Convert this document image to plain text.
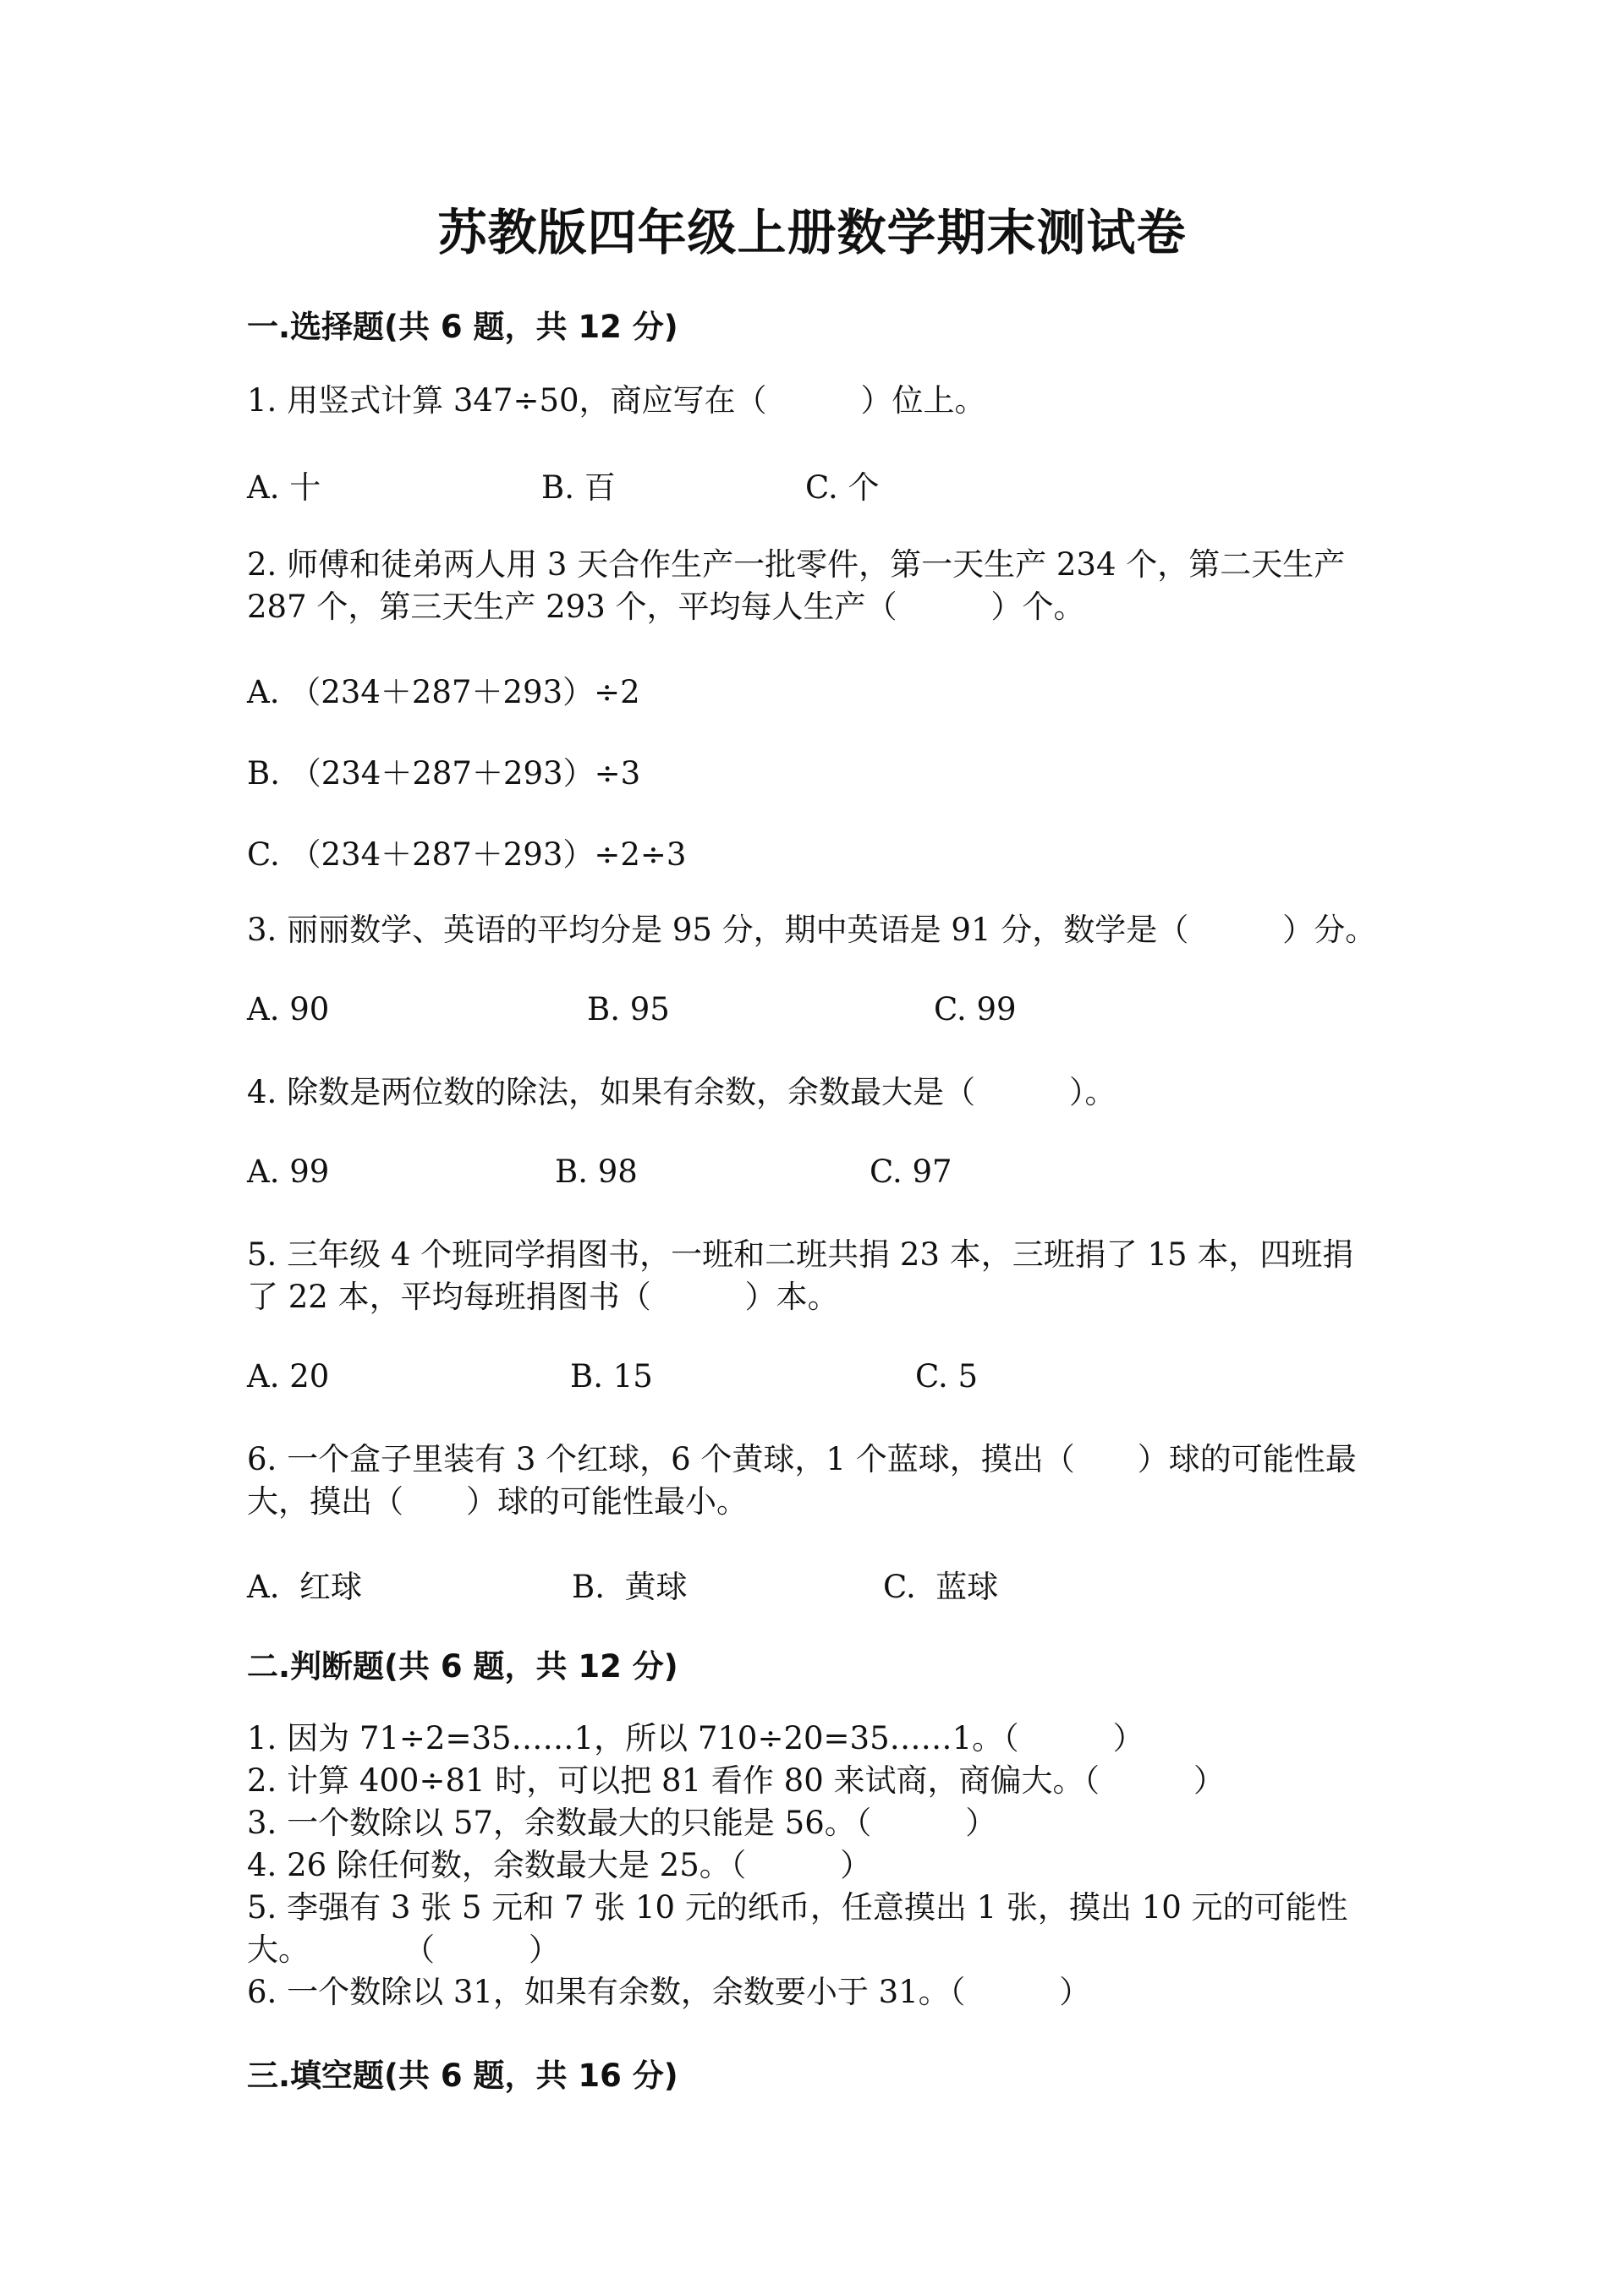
苏教版四年级上册数学期末测试卷
一.选择题(共 6 题，共 12 分)
1. 用竖式计算 347÷50，商应写在（　　　）位上。
A. 十	B. 百	C. 个
2. 师傅和徒弟两人用 3 天合作生产一批零件，第一天生产 234 个，第二天生产
287 个，第三天生产 293 个，平均每人生产（　　　）个。
A. （234＋287＋293）÷2
B. （234＋287＋293）÷3
C. （234＋287＋293）÷2÷3
3. 丽丽数学、英语的平均分是 95 分，期中英语是 91 分，数学是（　　　）分。
A. 90	B. 95	C. 99
4. 除数是两位数的除法，如果有余数，余数最大是（　　　）。
A. 99	B. 98	C. 97
5. 三年级 4 个班同学捐图书，一班和二班共捐 23 本，三班捐了 15 本，四班捐
了 22 本，平均每班捐图书（　　　）本。
A. 20	B. 15	C. 5
6. 一个盒子里装有 3 个红球，6 个黄球，1 个蓝球，摸出（　　）球的可能性最
大，摸出（　　）球的可能性最小。
A.  红球	B.  黄球	C.  蓝球
二.判断题(共 6 题，共 12 分)
1. 因为 71÷2=35……1，所以 710÷20=35……1。（　　　）
2. 计算 400÷81 时，可以把 81 看作 80 来试商，商偏大。（　　　）
3. 一个数除以 57，余数最大的只能是 56。（　　　）
4. 26 除任何数，余数最大是 25。（　　　）
5. 李强有 3 张 5 元和 7 张 10 元的纸币，任意摸出 1 张，摸出 10 元的可能性
大。　　　　（　　　）
6. 一个数除以 31，如果有余数，余数要小于 31。（　　　）
三.填空题(共 6 题，共 16 分)
